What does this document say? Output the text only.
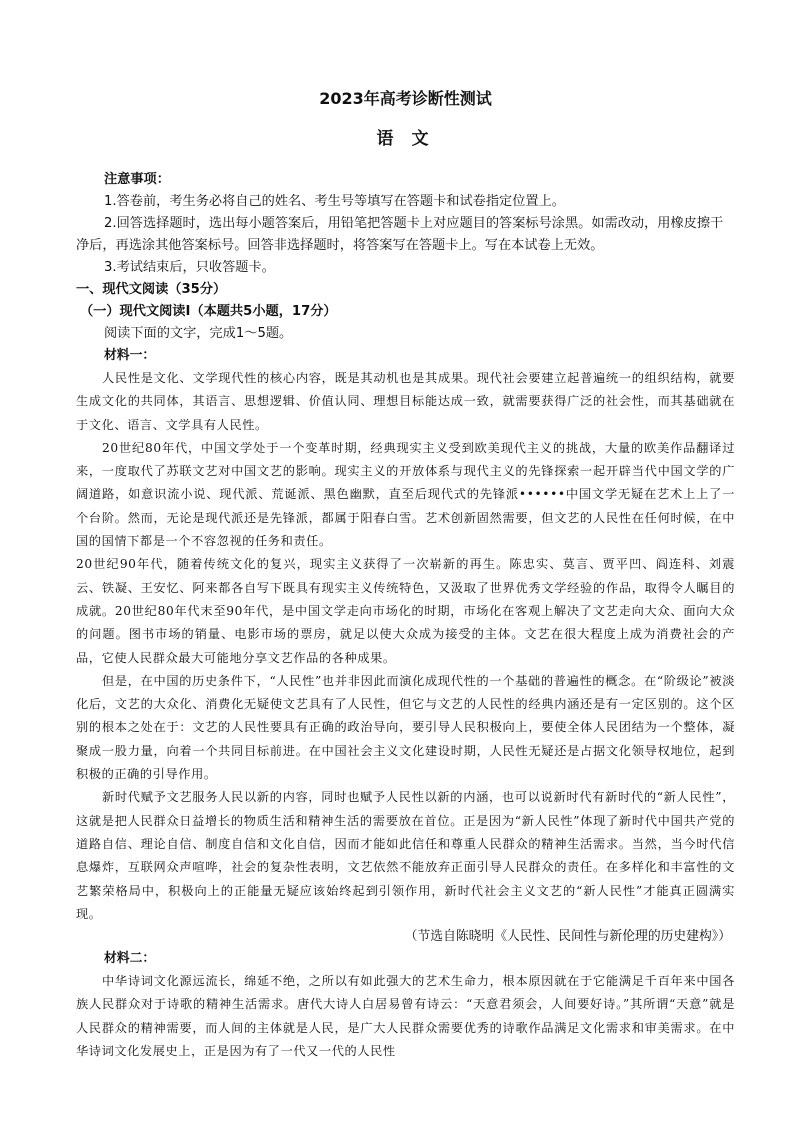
2023年高考诊断性测试
语 文
注意事项：

1.答卷前，考生务必将自己的姓名、考生号等填写在答题卡和试卷指定位置上。

2.回答选择题时，选出每小题答案后，用铅笔把答题卡上对应题目的答案标号涂黑。如需改动，用橡皮擦干净后，再选涂其他答案标号。回答非选择题时，将答案写在答题卡上。写在本试卷上无效。

3.考试结束后，只收答题卡。

一、现代文阅读（35分）

（一）现代文阅读Ⅰ（本题共5小题，17分）

阅读下面的文字，完成1～5题。

材料一：

人民性是文化、文学现代性的核心内容，既是其动机也是其成果。现代社会要建立起普遍统一的组织结构，就要生成文化的共同体，其语言、思想逻辑、价值认同、理想目标能达成一致，就需要获得广泛的社会性，而其基础就在于文化、语言、文学具有人民性。

20世纪80年代，中国文学处于一个变革时期，经典现实主义受到欧美现代主义的挑战，大量的欧美作品翻译过来，一度取代了苏联文艺对中国文艺的影响。现实主义的开放体系与现代主义的先锋探索一起开辟当代中国文学的广阔道路，如意识流小说、现代派、荒诞派、黑色幽默，直至后现代式的先锋派••••••中国文学无疑在艺术上上了一个台阶。然而，无论是现代派还是先锋派，都属于阳春白雪。艺术创新固然需要，但文艺的人民性在任何时候，在中国的国情下都是一个不容忽视的任务和责任。

20世纪90年代，随着传统文化的复兴，现实主义获得了一次崭新的再生。陈忠实、莫言、贾平凹、阎连科、刘震云、铁凝、王安忆、阿来都各自写下既具有现实主义传统特色，又汲取了世界优秀文学经验的作品，取得令人瞩目的成就。20世纪80年代末至90年代，是中国文学走向市场化的时期，市场化在客观上解决了文艺走向大众、面向大众的问题。图书市场的销量、电影市场的票房，就足以使大众成为接受的主体。文艺在很大程度上成为消费社会的产品，它使人民群众最大可能地分享文艺作品的各种成果。

但是，在中国的历史条件下，“人民性”也并非因此而演化成现代性的一个基础的普遍性的概念。在“阶级论”被淡化后，文艺的大众化、消费化无疑使文艺具有了人民性，但它与文艺的人民性的经典内涵还是有一定区别的。这个区别的根本之处在于：文艺的人民性要具有正确的政治导向，要引导人民积极向上，要使全体人民团结为一个整体，凝聚成一股力量，向着一个共同目标前进。在中国社会主义文化建设时期，人民性无疑还是占据文化领导权地位，起到积极的正确的引导作用。

新时代赋予文艺服务人民以新的内容，同时也赋予人民性以新的内涵，也可以说新时代有新时代的“新人民性”，这就是把人民群众日益增长的物质生活和精神生活的需要放在首位。正是因为“新人民性”体现了新时代中国共产党的道路自信、理论自信、制度自信和文化自信，因而才能如此信任和尊重人民群众的精神生活需求。当然，当今时代信息爆炸，互联网众声喧哗，社会的复杂性表明，文艺依然不能放弃正面引导人民群众的责任。在多样化和丰富性的文艺繁荣格局中，积极向上的正能量无疑应该始终起到引领作用，新时代社会主义文艺的“新人民性”才能真正圆满实现。

（节选自陈晓明《人民性、民间性与新伦理的历史建构》）

材料二：

中华诗词文化源远流长，绵延不绝，之所以有如此强大的艺术生命力，根本原因就在于它能满足千百年来中国各族人民群众对于诗歌的精神生活需求。唐代大诗人白居易曾有诗云：“天意君须会，人间要好诗。”其所谓“天意”就是人民群众的精神需要，而人间的主体就是人民，是广大人民群众需要优秀的诗歌作品满足文化需求和审美需求。在中华诗词文化发展史上，正是因为有了一代又一代的人民性
